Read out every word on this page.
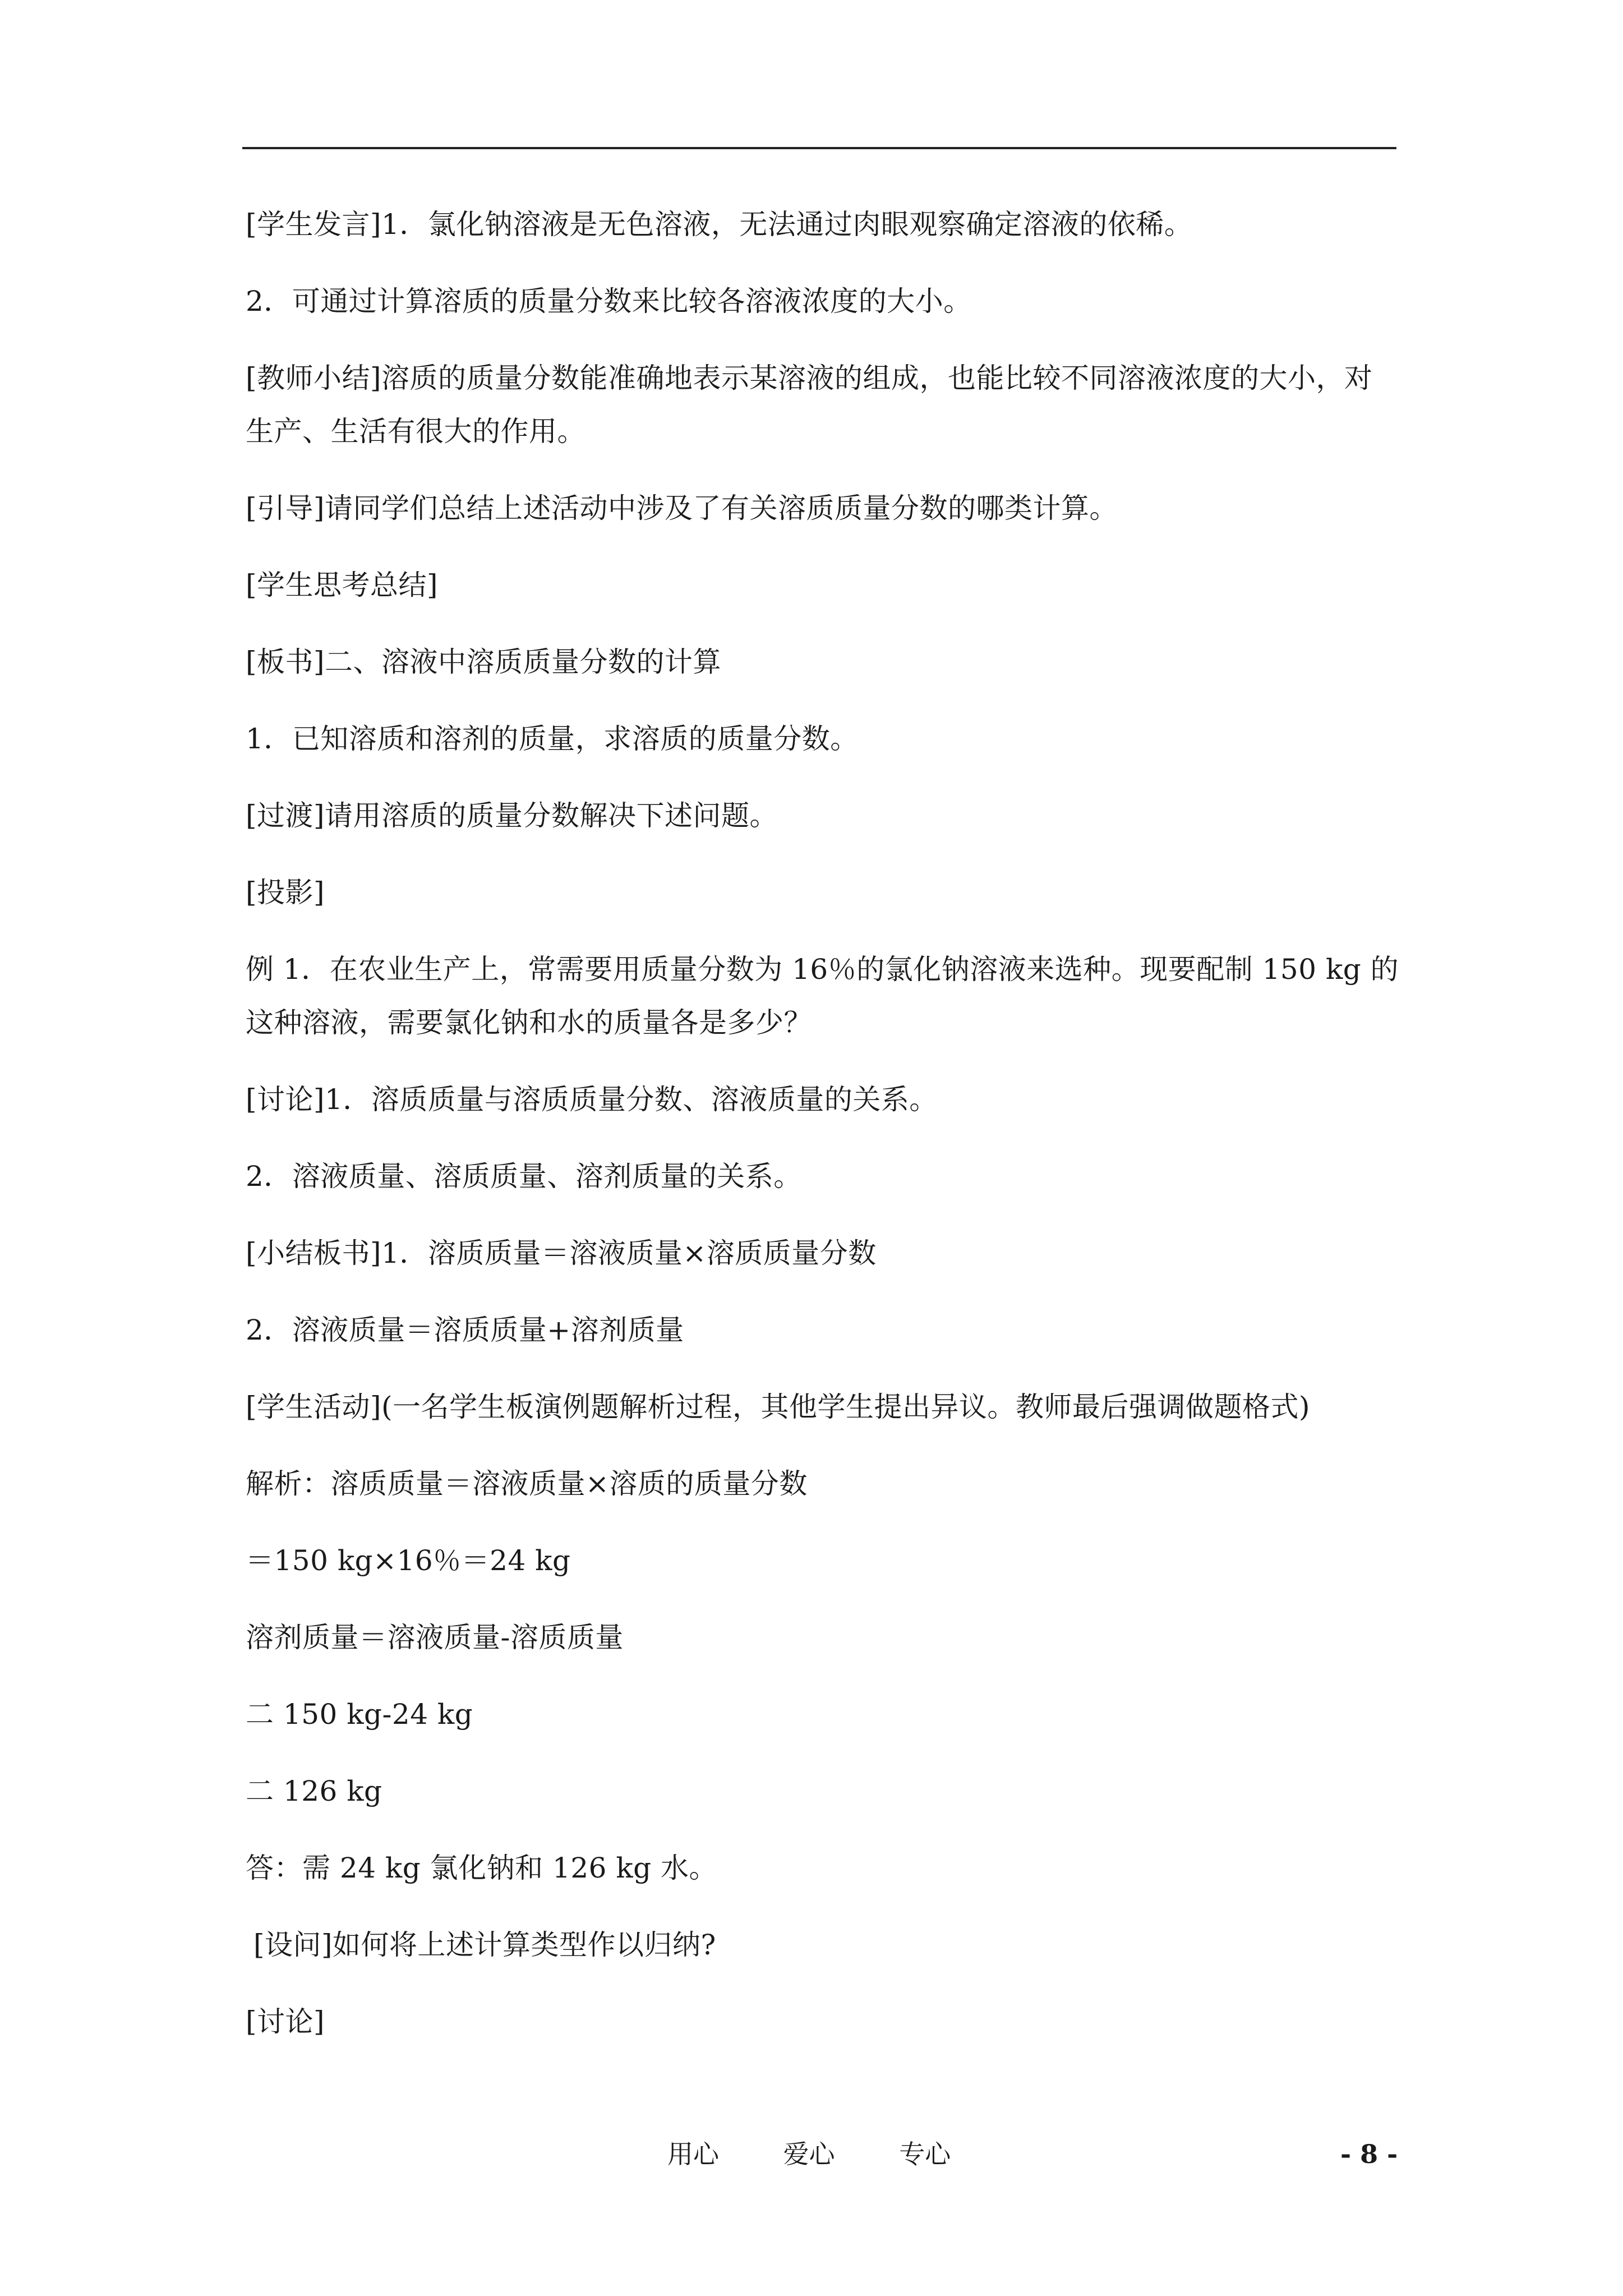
[学生发言]1．氯化钠溶液是无色溶液，无法通过肉眼观察确定溶液的依稀。
2．可通过计算溶质的质量分数来比较各溶液浓度的大小。
[教师小结]溶质的质量分数能准确地表示某溶液的组成，也能比较不同溶液浓度的大小，对
生产、生活有很大的作用。
[引导]请同学们总结上述活动中涉及了有关溶质质量分数的哪类计算。
[学生思考总结]
[板书]二、溶液中溶质质量分数的计算
1．已知溶质和溶剂的质量，求溶质的质量分数。
[过渡]请用溶质的质量分数解决下述问题。
[投影]
例 1．在农业生产上，常需要用质量分数为 16％的氯化钠溶液来选种。现要配制 150 kg 的
这种溶液，需要氯化钠和水的质量各是多少？
[讨论]1．溶质质量与溶质质量分数、溶液质量的关系。
2．溶液质量、溶质质量、溶剂质量的关系。
[小结板书]1．溶质质量＝溶液质量×溶质质量分数
2．溶液质量＝溶质质量+溶剂质量
[学生活动](一名学生板演例题解析过程，其他学生提出异议。教师最后强调做题格式)
解析：溶质质量＝溶液质量×溶质的质量分数
＝150 kg×16％＝24 kg
溶剂质量＝溶液质量-溶质质量
二 150 kg-24 kg
二 126 kg
答：需 24 kg 氯化钠和 126 kg 水。
[设问]如何将上述计算类型作以归纳?
[讨论]
用心 爱心 专心	- 8 -
